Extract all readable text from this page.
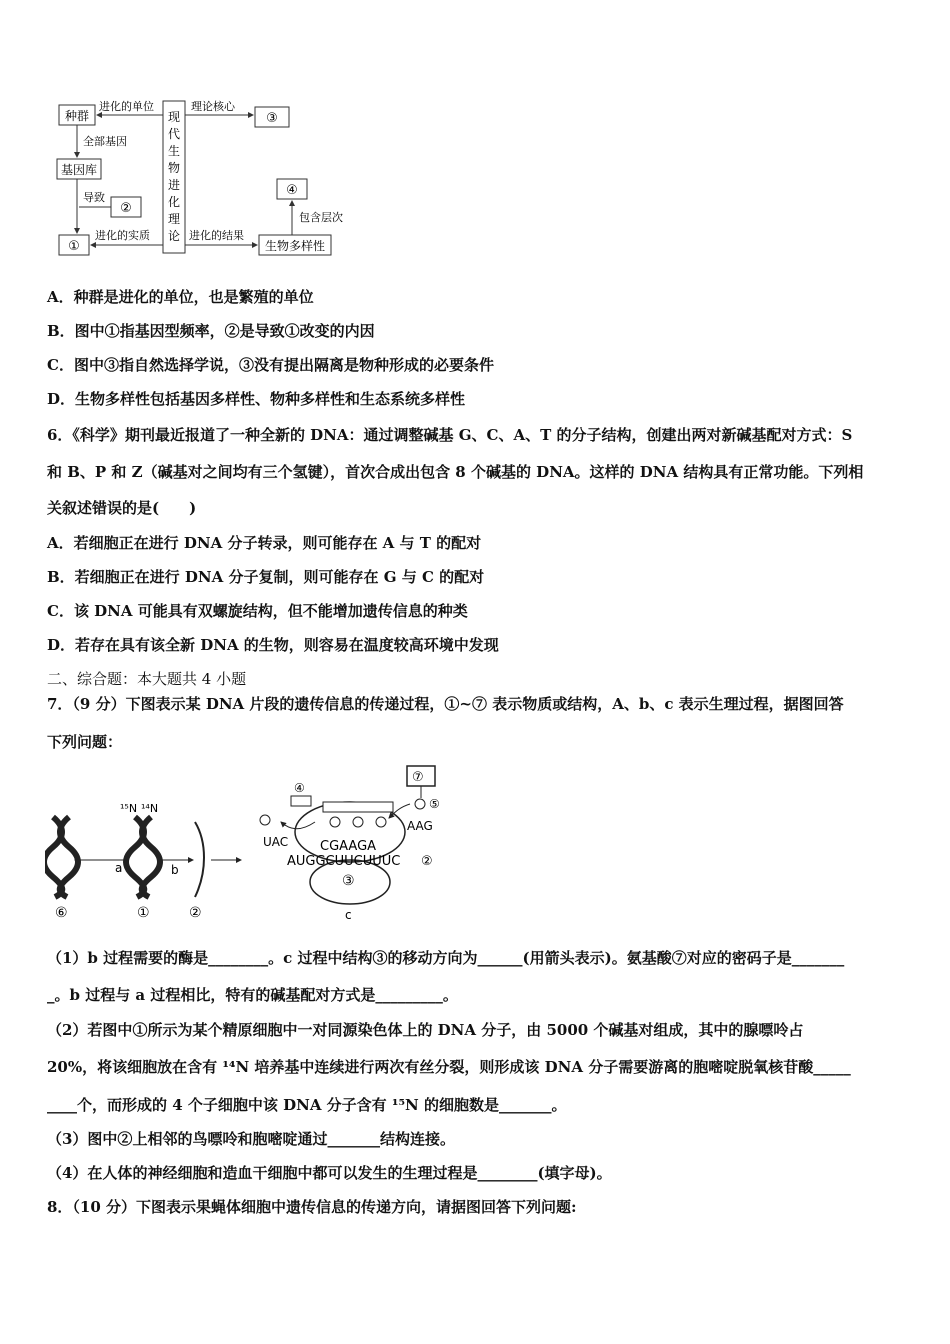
种群
基因库
①
②
③
④
生物多样性
现
代
生
物
进
化
理
论
进化的单位
全部基因
导致
进化的实质
理论核心
进化的结果
包含层次
A．种群是进化的单位，也是繁殖的单位
B．图中①指基因型频率，②是导致①改变的内因
C．图中③指自然选择学说，③没有提出隔离是物种形成的必要条件
D．生物多样性包括基因多样性、物种多样性和生态系统多样性
6．《科学》期刊最近报道了一种全新的 DNA：通过调整碱基 G、C、A、T 的分子结构，创建出两对新碱基配对方式：S
和 B、P 和 Z（碱基对之间均有三个氢键），首次合成出包含 8 个碱基的 DNA。这样的 DNA 结构具有正常功能。下列相
关叙述错误的是(　　)
A．若细胞正在进行 DNA 分子转录，则可能存在 A 与 T 的配对
B．若细胞正在进行 DNA 分子复制，则可能存在 G 与 C 的配对
C．该 DNA 可能具有双螺旋结构，但不能增加遗传信息的种类
D．若存在具有该全新 DNA 的生物，则容易在温度较高环境中发现
二、综合题：本大题共 4 小题
7．（9 分）下图表示某 DNA 片段的遗传信息的传递过程，①~⑦ 表示物质或结构，A、b、c 表示生理过程，据图回答
下列问题：
¹⁵N ¹⁴N
a	b
⑥	①	②
④
UAC CGAAGA
AUGGCUUCUUUC ②
③
c
AAG
⑤
⑦
（1）b 过程需要的酶是________。c 过程中结构③的移动方向为______(用箭头表示)。氨基酸⑦对应的密码子是_______
_。b 过程与 a 过程相比，特有的碱基配对方式是_________。
（2）若图中①所示为某个精原细胞中一对同源染色体上的 DNA 分子，由 5000 个碱基对组成，其中的腺嘌呤占
20%，将该细胞放在含有 ¹⁴N 培养基中连续进行两次有丝分裂，则形成该 DNA 分子需要游离的胞嘧啶脱氧核苷酸_____
____个，而形成的 4 个子细胞中该 DNA 分子含有 ¹⁵N 的细胞数是_______。
（3）图中②上相邻的鸟嘌呤和胞嘧啶通过_______结构连接。
（4）在人体的神经细胞和造血干细胞中都可以发生的生理过程是________(填字母)。
8．（10 分）下图表示果蝇体细胞中遗传信息的传递方向，请据图回答下列问题:
